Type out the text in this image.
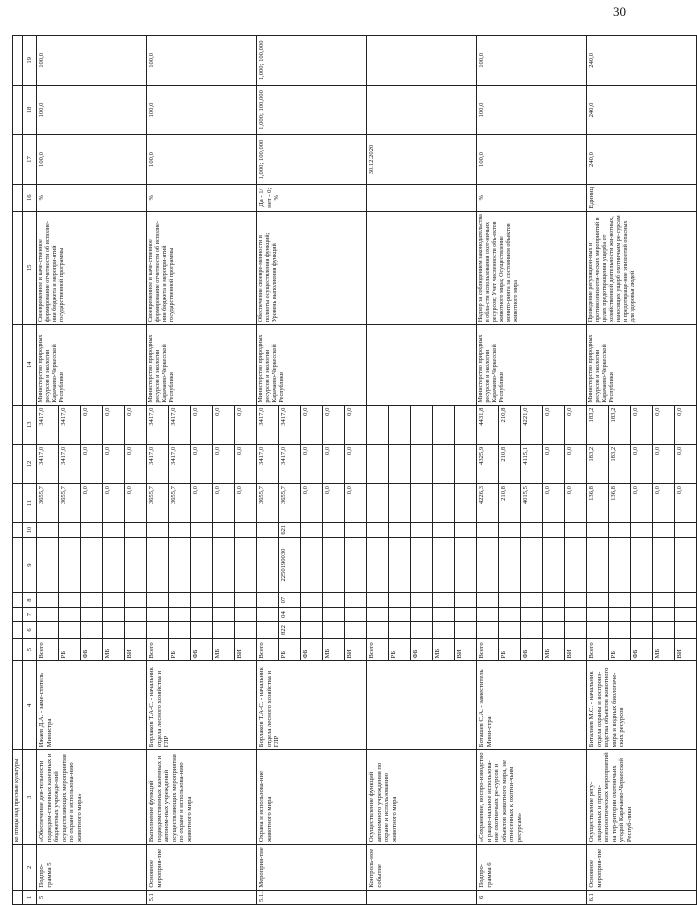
30
		ко птицы над пресные культуры																
1	2	3	4	5	6	7	8	9	10	11	12	13	14	15	16	17	18	19
5	Подпро-грамма 5	«Обеспечение дея-тельности подведом-ственных казенных и бюджетных учрежде-ний осуществляющих мероприятия по охране и использова-нию животного мира»	Ижаев Д.А. - заме-ститель Министра	Всего						3655,7	3417,0	3417,0	Министерство природных ресурсов и экологии Карачаево-Черкесской Республики	Своевременное и каче-ственное формирование отчетности об исполне-нии бюджета и меропри-ятий государственной программы	%	100,0	100,0	100,0
				РБ						3655,7	3417,0	3417,0						
				ФБ						0,0	0,0	0,0						
				МБ						0,0	0,0	0,0						
				ВИ						0,0	0,0	0,0						
5.1	Основное мероприя-тие	Выполнение функций подведомственных казенных и автоном-ных учреждений осуществляющих мероприятия по охране и использова-нию животного мира	Борлаков Т.А-С. - начальник отдела лесного хозяйства и ГЛР	Всего						3655,7	3417,0	3417,0	Министерство природных ресурсов и экологии Карачаево-Черкесской Республики	Своевременное и каче-ственное формирование отчетности об исполне-нии бюджета и меропри-ятий государственной программы	%	100,0	100,0	100,0
				РБ						3655,7	3417,0	3417,0						
				ФБ						0,0	0,0	0,0						
				МБ						0,0	0,0	0,0						
				ВИ						0,0	0,0	0,0						
5.1.1	Мероприя-тие	Охрана и использова-ние животного мира	Борлаков Т.А-С. - начальник отдела лесного хозяйства и ГЛР	Всего						3655,7	3417,0	3417,0	Министерство природных ресурсов и экологии Карачаево-Черкесской Республики	Обеспечение своевре-менности и полноты осуществления функций; Уровень выполнения функций	Да - 1/ нет - 0; %	1,000; 100,000	1,000; 100,000	1,000; 100,000
				РБ	822	04	07	2250190030	621	3655,7	3417,0	3417,0						
				ФБ						0,0	0,0	0,0						
				МБ						0,0	0,0	0,0						
				ВИ						0,0	0,0	0,0						
	Контроль-ное событие	Осуществление функций автономного учреждения по охране и использованию животного мира		Всего												30.12.2020		
				РБ														
				ФБ														
				МБ														
				ВИ														
6	Подпро-грамма 6	«Сохранение, воспро-изводство и рацио-нальное использова-ние охотничьих ре-сурсов и объектов животного мира, не отнесенных к охотни-чьим ресурсам»	Боташев С.А. - заместитель Мини-стра	Всего						4226,3	4325,9	4431,8	Министерство природных ресурсов и экологии Карачаево-Черкесской Республики	Надзор за соблюдением законодательства в обла-сти использования охот-ничьих ресурсов; Учет численности объ-ектов животного мира; Осуществление монито-ринга за состоянием объектов животного мира	%	100,0	100,0	100,0
				РБ						210,8	210,8	210,8						
				ФБ						4015,5	4115,1	4221,0						
				МБ						0,0	0,0	0,0						
				ВИ						0,0	0,0	0,0						
6.1	Основное мероприя-тие	Осуществление регу-ляционных и проти-воэпизоотических мероприятий на тер-ритории охотничьих угодий Карачаево-Черкесской Респуб-лики	Биталиев М.С. - начальник отдела охраны и воспроиз-водства объектов животного мира и водных биологиче-ских ресурсов	Всего						136,8	183,2	183,2	Министерство природных ресурсов и экологии Карачаево-Черкесской Республики	Проведение регуляцион-ных и противоэпизооти-ческих мероприятий в целях предотвращения ущерба от хозяйственной деятельности жи-вотных, наносящих ущерб охотничьим ре-сурсам и предотвраще-ние эпизоотий опасных для здоровья людей	Единиц	240,0	240,0	240,0
				РБ						136,8	183,2	183,2						
				ФБ						0,0	0,0	0,0						
				МБ						0,0	0,0	0,0						
				ВИ						0,0	0,0	0,0						
